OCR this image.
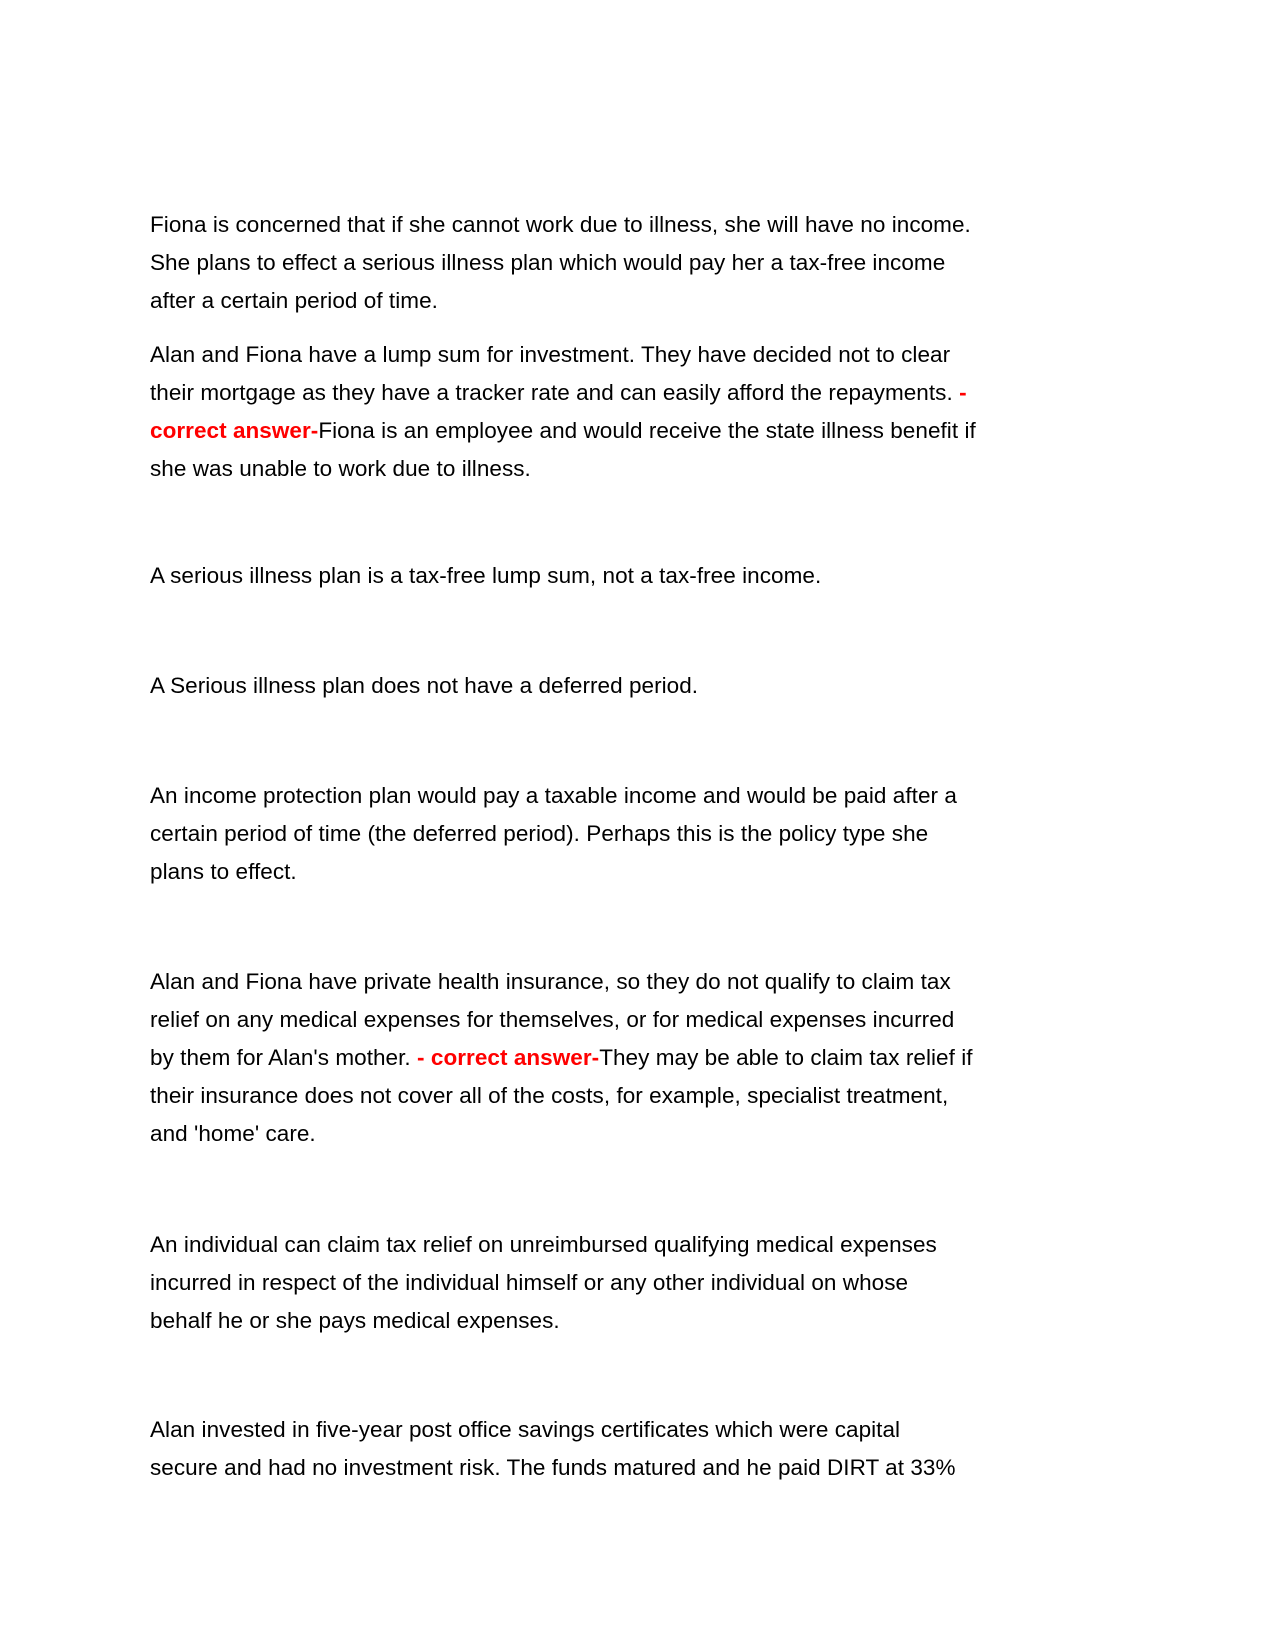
Fiona is concerned that if she cannot work due to illness, she will have no income.
She plans to effect a serious illness plan which would pay her a tax-free income
after a certain period of time.
Alan and Fiona have a lump sum for investment. They have decided not to clear
their mortgage as they have a tracker rate and can easily afford the repayments. -
correct answer-Fiona is an employee and would receive the state illness benefit if
she was unable to work due to illness.
A serious illness plan is a tax-free lump sum, not a tax-free income.
A Serious illness plan does not have a deferred period.
An income protection plan would pay a taxable income and would be paid after a
certain period of time (the deferred period). Perhaps this is the policy type she
plans to effect.
Alan and Fiona have private health insurance, so they do not qualify to claim tax
relief on any medical expenses for themselves, or for medical expenses incurred
by them for Alan's mother. - correct answer-They may be able to claim tax relief if
their insurance does not cover all of the costs, for example, specialist treatment,
and 'home' care.
An individual can claim tax relief on unreimbursed qualifying medical expenses
incurred in respect of the individual himself or any other individual on whose
behalf he or she pays medical expenses.
Alan invested in five-year post office savings certificates which were capital
secure and had no investment risk. The funds matured and he paid DIRT at 33%
